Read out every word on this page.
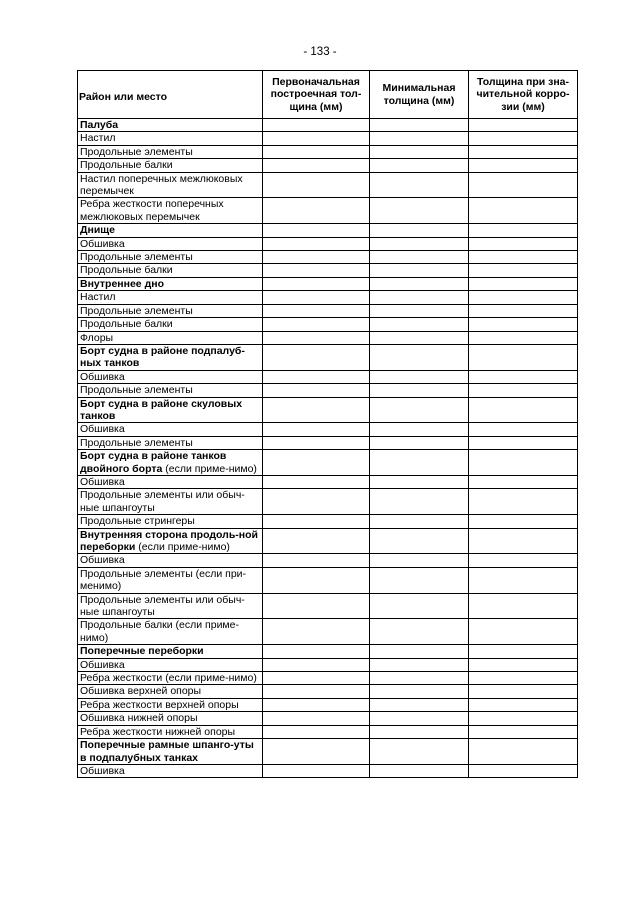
- 133 -
Район или место	Первоначальная построечная тол-щина (мм)	Минимальная толщина (мм)	Толщина при зна-чительной корро-зии (мм)
Палуба			
Настил			
Продольные элементы			
Продольные балки			
Настил поперечных межлюковых перемычек			
Ребра жесткости поперечных межлюковых перемычек			
Днище			
Обшивка			
Продольные элементы			
Продольные балки			
Внутреннее дно			
Настил			
Продольные элементы			
Продольные балки			
Флоры			
Борт судна в районе подпалуб-ных танков			
Обшивка			
Продольные элементы			
Борт судна в районе скуловых танков			
Обшивка			
Продольные элементы			
Борт судна в районе танков двойного борта (если приме-нимо)			
Обшивка			
Продольные элементы или обыч-ные шпангоуты			
Продольные стрингеры			
Внутренняя сторона продоль-ной переборки (если приме-нимо)			
Обшивка			
Продольные элементы (если при-менимо)			
Продольные элементы или обыч-ные шпангоуты			
Продольные балки (если приме-нимо)			
Поперечные переборки			
Обшивка			
Ребра жесткости (если приме-нимо)			
Обшивка верхней опоры			
Ребра жесткости верхней опоры			
Обшивка нижней опоры			
Ребра жесткости нижней опоры			
Поперечные рамные шпанго-уты в подпалубных танках			
Обшивка			
